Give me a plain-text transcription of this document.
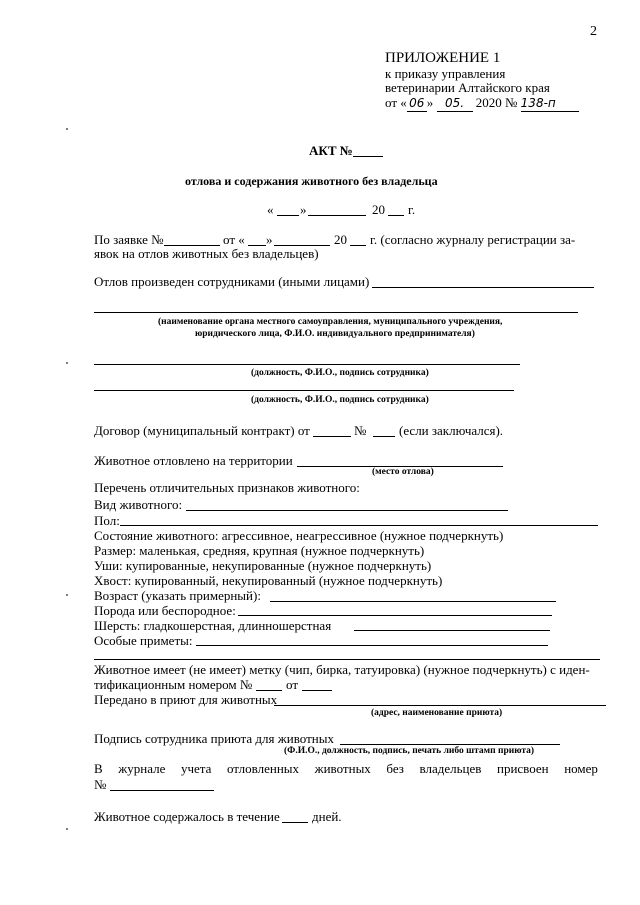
2
ПРИЛОЖЕНИЕ 1
к приказу управления
ветеринарии Алтайского края
от « 06 » 05. 2020 № 138-п
АКТ №
отлова и содержания животного без владельца
« »	20 г.
По заявке №	от « »	20 г. (согласно журналу регистрации за-
явок на отлов животных без владельцев)
Отлов произведен сотрудниками (иными лицами)
(наименование органа местного самоуправления, муниципального учреждения,
юридического лица, Ф.И.О. индивидуального предпринимателя)
(должность, Ф.И.О., подпись сотрудника)
(должность, Ф.И.О., подпись сотрудника)
Договор (муниципальный контракт) от	№	(если заключался).
Животное отловлено на территории
(место отлова)
Перечень отличительных признаков животного:
Вид животного:
Пол:
Состояние животного: агрессивное, неагрессивное (нужное подчеркнуть)
Размер: маленькая, средняя, крупная (нужное подчеркнуть)
Уши: купированные, некупированные (нужное подчеркнуть)
Хвост: купированный, некупированный (нужное подчеркнуть)
Возраст (указать примерный):
Порода или беспородное:
Шерсть: гладкошерстная, длинношерстная
Особые приметы:
Животное имеет (не имеет) метку (чип, бирка, татуировка) (нужное подчеркнуть) с иден-
тификационным номером №	от
Передано в приют для животных
(адрес, наименование приюта)
Подпись сотрудника приюта для животных
(Ф.И.О., должность, подпись, печать либо штамп приюта)
В журнале учета отловленных животных без владельцев присвоен номер
№
Животное содержалось в течение дней.
